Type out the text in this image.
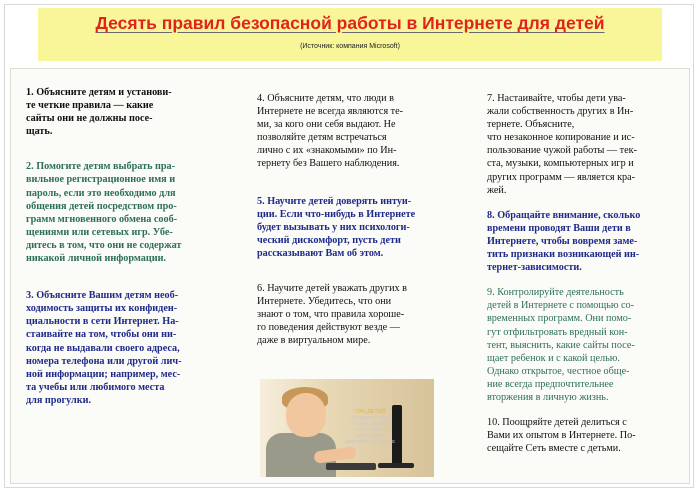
Десять правил безопасной работы в Интернете для детей
(Источник: компания Microsoft)
1. Объясните детям и установи-
те четкие правила — какие
сайты они не должны посе-
щать.
2. Помогите детям выбрать пра-
вильное регистрационное имя и
пароль, если это необходимо для
общения детей посредством про-
грамм мгновенного обмена сооб-
щениями или сетевых игр. Убе-
дитесь в том, что они не содержат
никакой личной информации.
3. Объясните Вашим детям необ-
ходимость защиты их конфиден-
циальности в сети Интернет. На-
стаивайте на том, чтобы они ни-
когда не выдавали своего адреса,
номера телефона или другой лич-
ной информации; например, мес-
та учебы или любимого места
для прогулки.
4. Объясните детям, что люди в
Интернете не всегда являются те-
ми, за кого они себя выдают. Не
позволяйте детям встречаться
лично с их «знакомыми» по Ин-
тернету без Вашего наблюдения.
5. Научите детей доверять интуи-
ции. Если что-нибудь в Интернете
будет вызывать у них психологи-
ческий дискомфорт, пусть дети
рассказывают Вам об этом.
6. Научите детей уважать других в
Интернете. Убедитесь, что они
знают о том, что правила хороше-
го поведения действуют везде —
даже в виртуальном мире.
70% ДЕТЕЙ
СТАЛКИВАЮТСЯ
С ОПАСНЫМИ САЙТАМИ,
ВЫПОЛНЯЯ
ДОМАШНЕЕ ЗАДАНИЕ
7. Настаивайте, чтобы дети ува-
жали собственность других в Ин-
тернете. Объясните,
что незаконное копирование и ис-
пользование чужой работы — тек-
ста, музыки, компьютерных игр и
других программ — является кра-
жей.
8. Обращайте внимание, сколько
времени проводят Ваши дети в
Интернете, чтобы вовремя заме-
тить признаки возникающей ин-
тернет-зависимости.
9. Контролируйте деятельность
детей в Интернете с помощью со-
временных программ. Они помо-
гут отфильтровать вредный кон-
тент, выяснить, какие сайты посе-
щает ребенок и с какой целью.
Однако открытое, честное обще-
ние всегда предпочтительнее
вторжения в личную жизнь.
10. Поощряйте детей делиться с
Вами их опытом в Интернете. По-
сещайте Сеть вместе с детьми.
